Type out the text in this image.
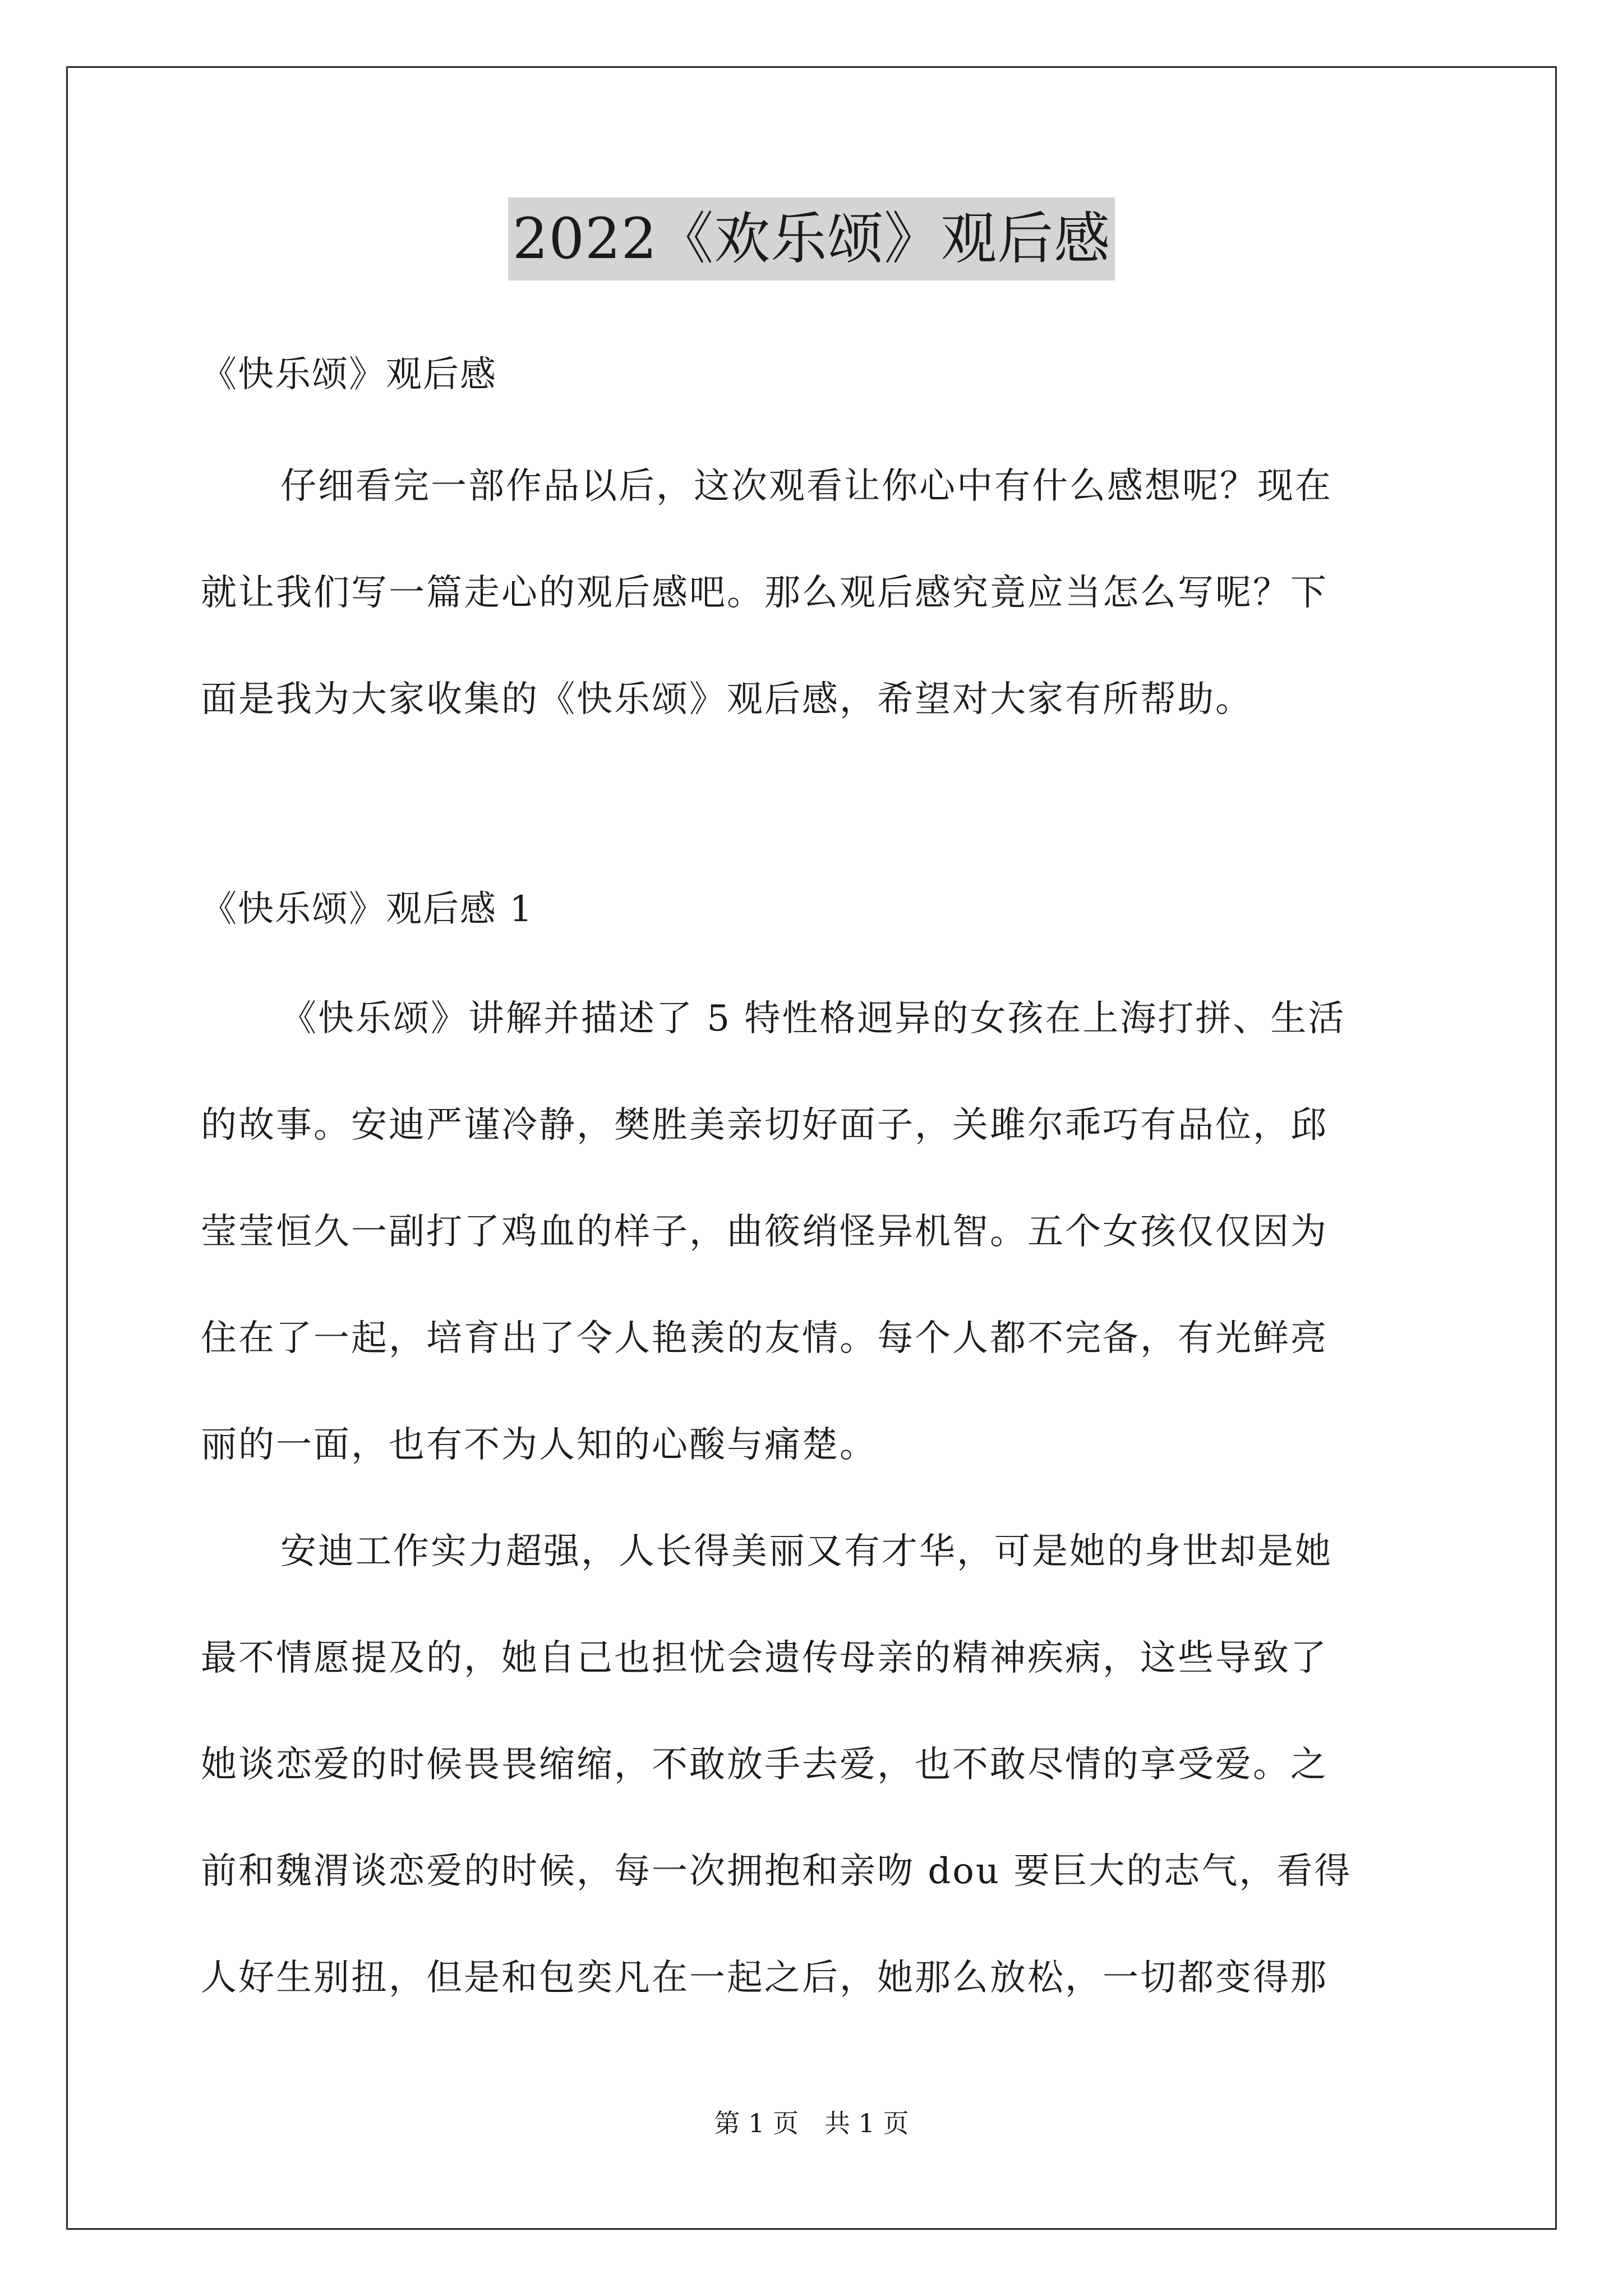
2022《欢乐颂》观后感
《快乐颂》观后感
仔细看完一部作品以后，这次观看让你心中有什么感想呢？现在
就让我们写一篇走心的观后感吧。那么观后感究竟应当怎么写呢？下
面是我为大家收集的《快乐颂》观后感，希望对大家有所帮助。
《快乐颂》观后感 1
《快乐颂》讲解并描述了 5 特性格迥异的女孩在上海打拼、生活
的故事。安迪严谨冷静，樊胜美亲切好面子，关雎尔乖巧有品位，邱
莹莹恒久一副打了鸡血的样子，曲筱绡怪异机智。五个女孩仅仅因为
住在了一起，培育出了令人艳羡的友情。每个人都不完备，有光鲜亮
丽的一面，也有不为人知的心酸与痛楚。
安迪工作实力超强，人长得美丽又有才华，可是她的身世却是她
最不情愿提及的，她自己也担忧会遗传母亲的精神疾病，这些导致了
她谈恋爱的时候畏畏缩缩，不敢放手去爱，也不敢尽情的享受爱。之
前和魏渭谈恋爱的时候，每一次拥抱和亲吻 dou 要巨大的志气，看得
人好生别扭，但是和包奕凡在一起之后，她那么放松，一切都变得那
第 1 页　共 1 页
